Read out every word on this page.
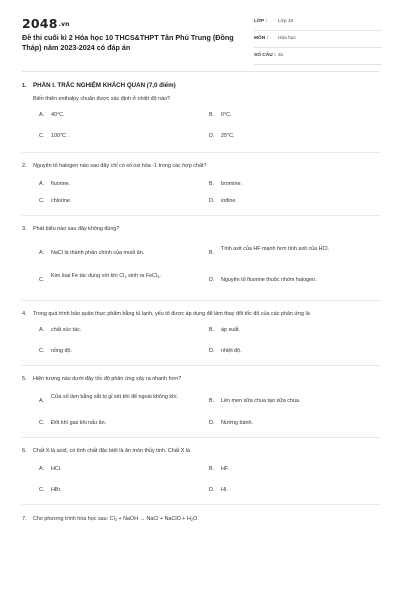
2048.vn
Đề thi cuối kì 2 Hóa học 10 THCS&THPT Tân Phú Trung (Đồng Tháp) năm 2023-2024 có đáp án
LỚP : Lớp 10
MÔN : Hóa học
SỐ CÂU : 31
1. PHẦN I. TRẮC NGHIỆM KHÁCH QUAN (7,0 điểm)
Biến thiên enthalpy chuẩn được xác định ở nhiệt độ nào?
A. 40°C.	B. 0°C.
C. 100°C .	D. 25°C.
2. Nguyên tố halogen nào sau đây chỉ có số oxi hóa -1 trong các hợp chất?
A. fluorine.	B. bromine.
C. chlorine.	D. iodine.
3. Phát biểu nào sau đây không đúng?
A. NaCl là thành phần chính của muối ăn.	B.
Tính axit của HF mạnh hơn tính axit của HCl.
C.
Kim loại Fe tác dụng với khí $Cl_2$ sinh ra FeCl$_3$.
D. Nguyên tố fluorine thuộc nhóm halogen.
4. Trong quá trình bảo quản thực phẩm bằng tủ lạnh, yếu tố được áp dụng để làm thay đổi tốc độ của các phản ứng là
A. chất xúc tác.	B. áp suất.
C. nồng độ.	D. nhiệt độ.
5. Hiện tượng nào dưới đây tốc độ phản ứng xảy ra nhanh hơn?
A.
Cửa sổ làm bằng sắt bị gỉ sét khi để ngoài không khí.
B. Lên men sữa chua tạo sữa chua.
C. Đốt khí gas khi nấu ăn.	D. Nướng bánh.
6. Chất X là acid, có tính chất đặc biệt là ăn mòn thủy tinh. Chất X là
A. HCl.	B. HF.
C. HBr.	D. HI.
7. Cho phương trình hóa học sau: $Cl_2$ + NaOH → NaCl + NaClO + $H_2O$
